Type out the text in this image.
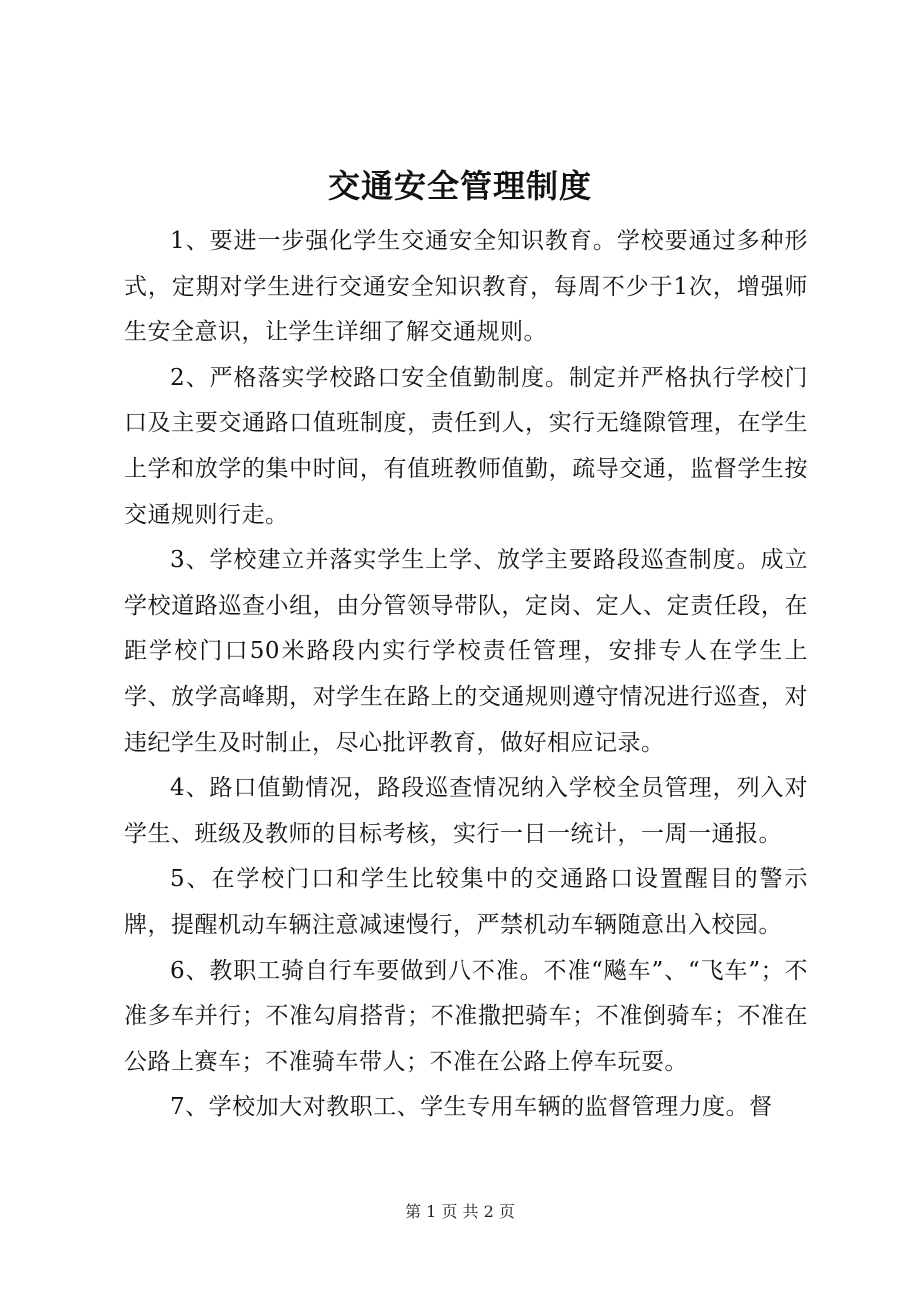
交通安全管理制度

1、要进一步强化学生交通安全知识教育。学校要通过多种形式，定期对学生进行交通安全知识教育，每周不少于1次，增强师生安全意识，让学生详细了解交通规则。

2、严格落实学校路口安全值勤制度。制定并严格执行学校门口及主要交通路口值班制度，责任到人，实行无缝隙管理，在学生上学和放学的集中时间，有值班教师值勤，疏导交通，监督学生按交通规则行走。

3、学校建立并落实学生上学、放学主要路段巡查制度。成立学校道路巡查小组，由分管领导带队，定岗、定人、定责任段，在距学校门口50米路段内实行学校责任管理，安排专人在学生上学、放学高峰期，对学生在路上的交通规则遵守情况进行巡查，对违纪学生及时制止，尽心批评教育，做好相应记录。

4、路口值勤情况，路段巡查情况纳入学校全员管理，列入对学生、班级及教师的目标考核，实行一日一统计，一周一通报。

5、在学校门口和学生比较集中的交通路口设置醒目的警示牌，提醒机动车辆注意减速慢行，严禁机动车辆随意出入校园。

6、教职工骑自行车要做到八不准。不准“飚车”、“飞车”；不准多车并行；不准勾肩搭背；不准撒把骑车；不准倒骑车；不准在公路上赛车；不准骑车带人；不准在公路上停车玩耍。

7、学校加大对教职工、学生专用车辆的监督管理力度。督

第 1 页 共 2 页
